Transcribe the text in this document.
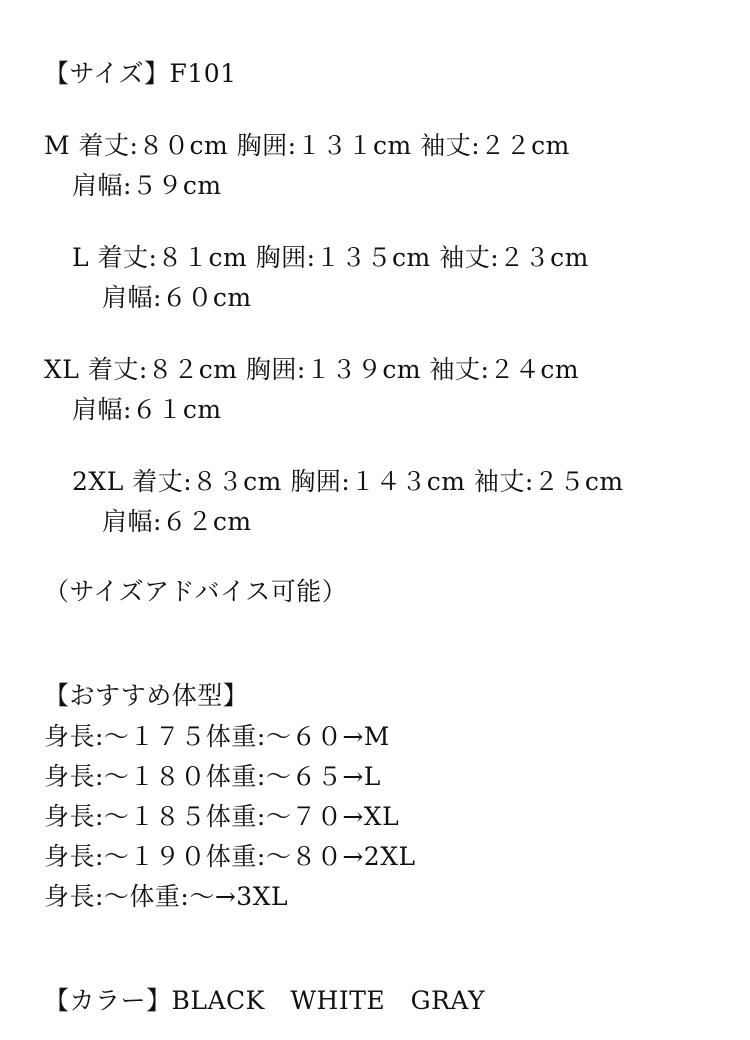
【サイズ】F101
M 着丈:８０cm 胸囲:１３１cm 袖丈:２２cm
肩幅:５９cm
L 着丈:８１cm 胸囲:１３５cm 袖丈:２３cm
肩幅:６０cm
XL 着丈:８２cm 胸囲:１３９cm 袖丈:２４cm
肩幅:６１cm
2XL 着丈:８３cm 胸囲:１４３cm 袖丈:２５cm
肩幅:６２cm
（サイズアドバイス可能）
【おすすめ体型】
身長:～１７５体重:～６０→M
身長:～１８０体重:～６５→L
身長:～１８５体重:～７０→XL
身長:～１９０体重:～８０→2XL
身長:～体重:～→3XL
【カラー】BLACK　WHITE　GRAY
